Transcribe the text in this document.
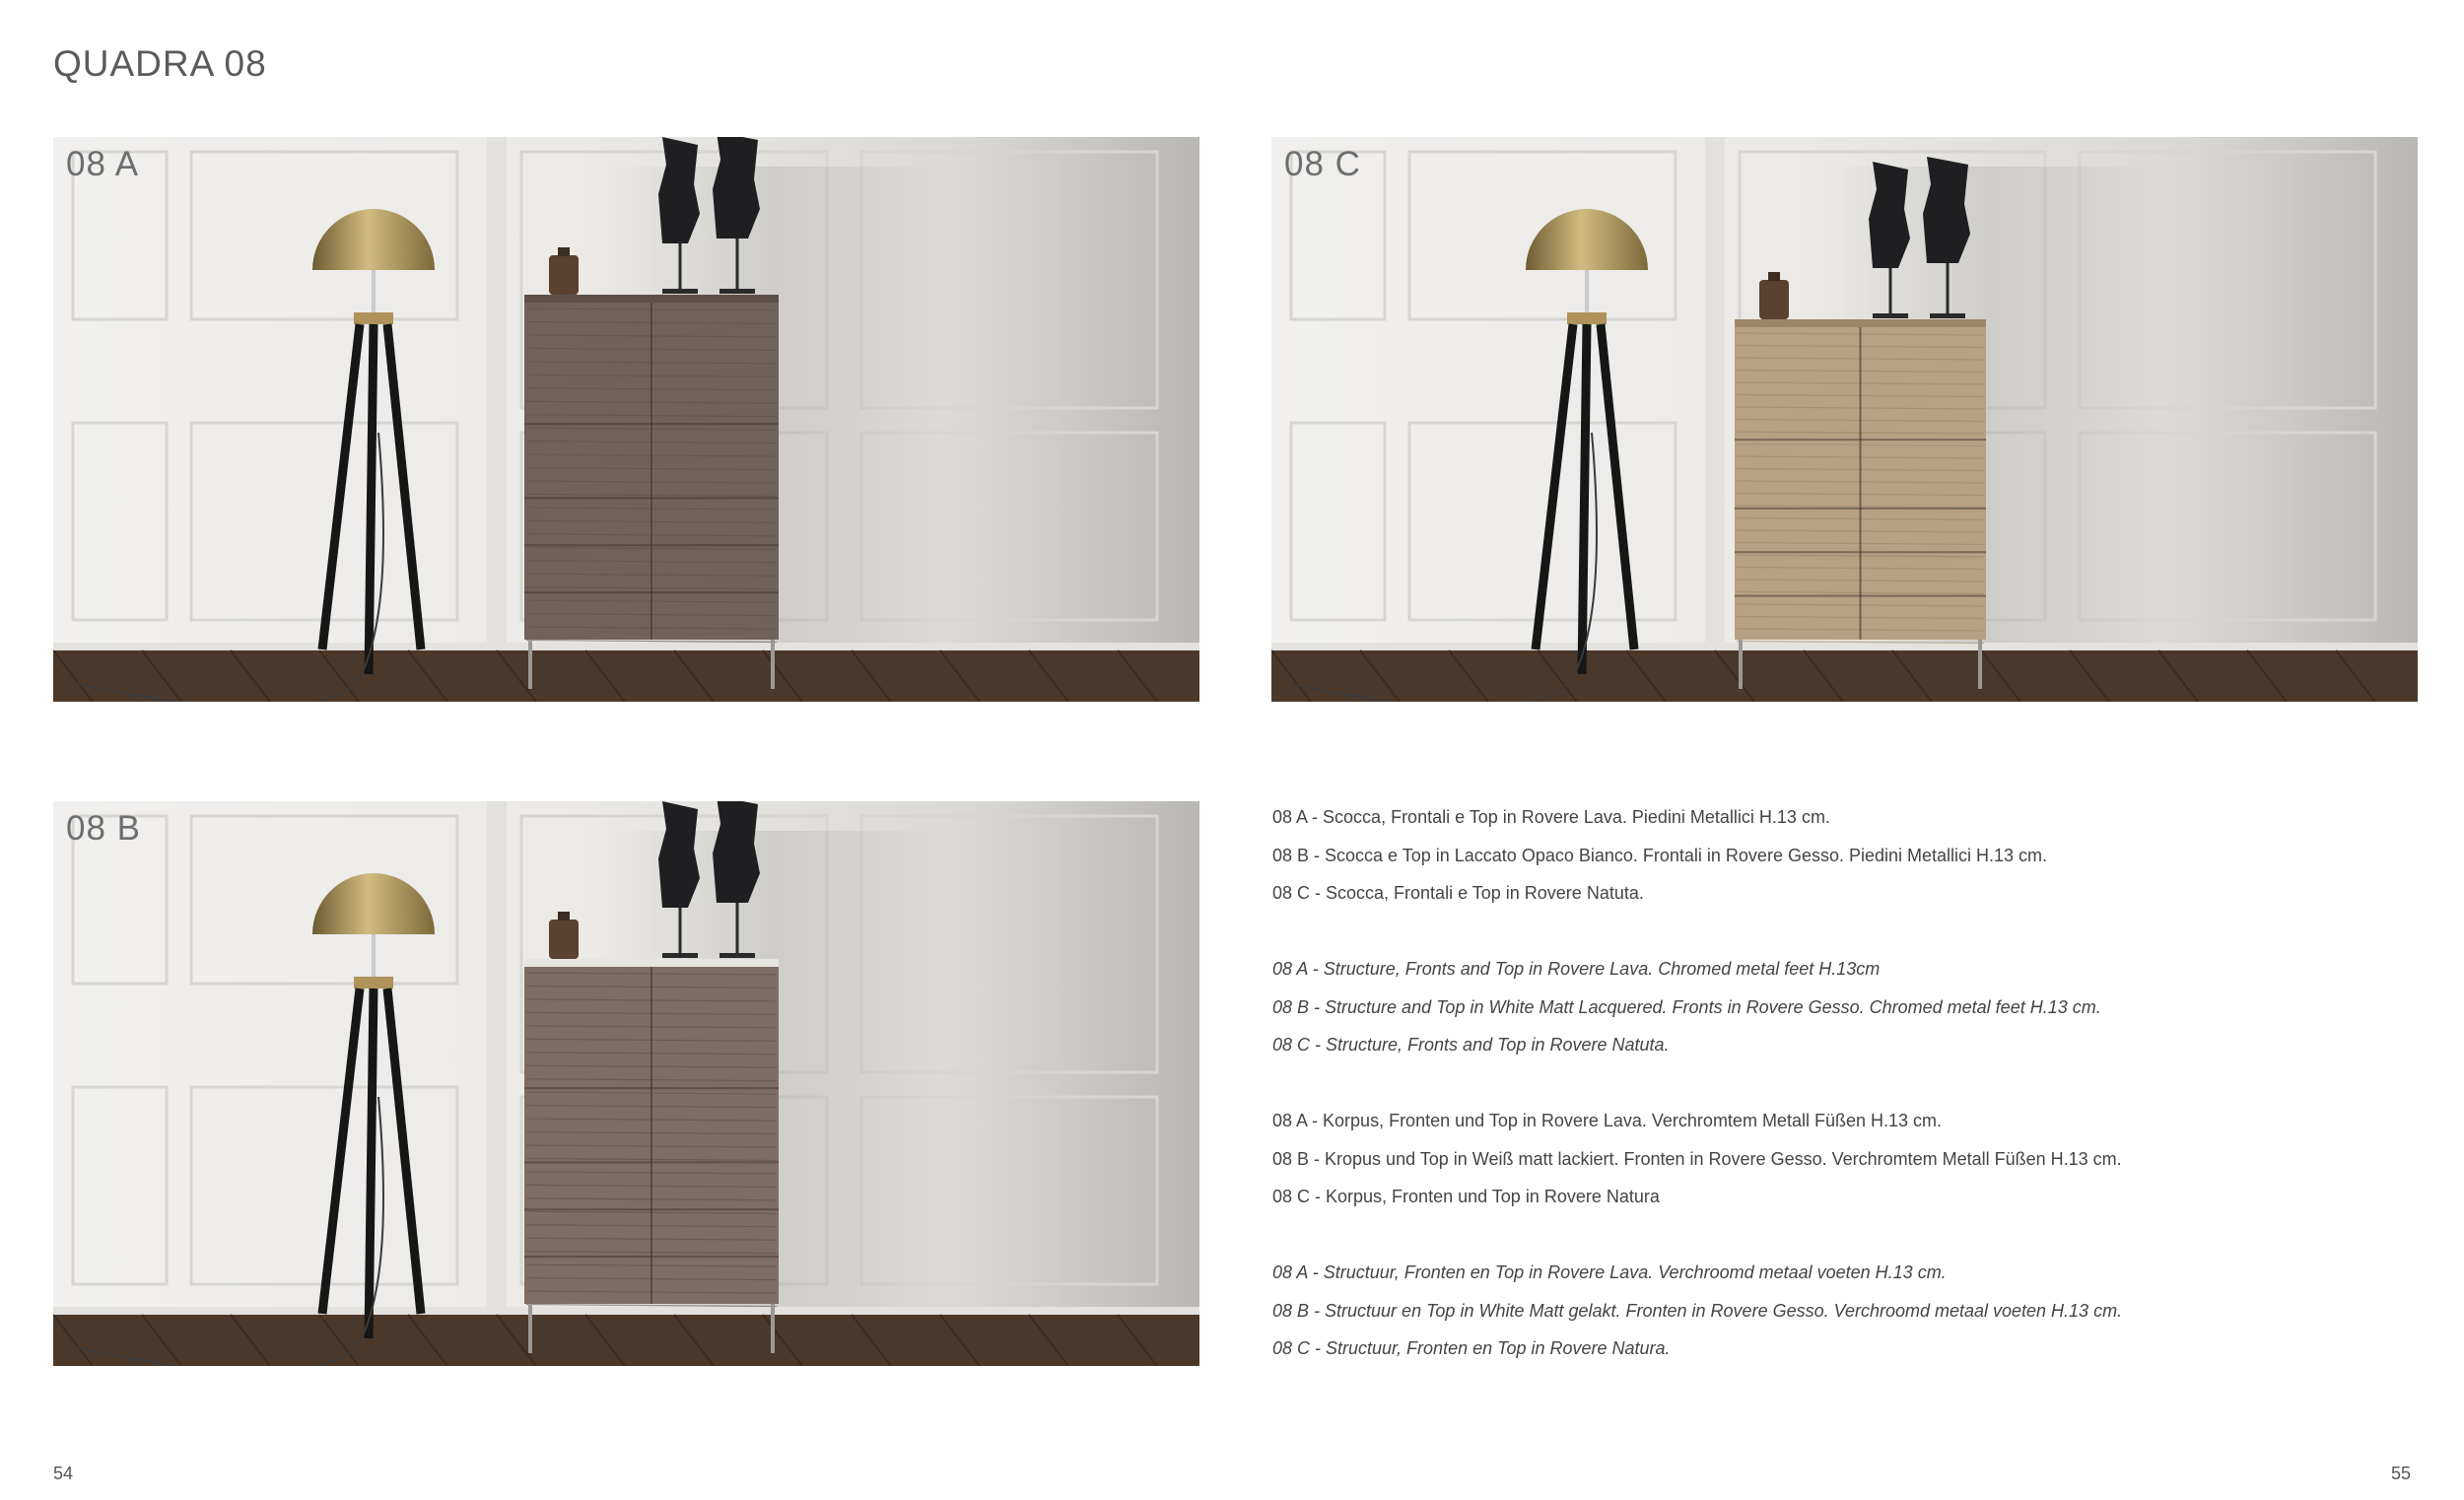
QUADRA 08
08 A	08 C
08 B	08 A - Scocca, Frontali e Top in Rovere Lava. Piedini Metallici H.13 cm.
08 B - Scocca e Top in Laccato Opaco Bianco. Frontali in Rovere Gesso. Piedini Metallici H.13 cm.
08 C - Scocca, Frontali e Top in Rovere Natuta.
08 A - Structure, Fronts and Top in Rovere Lava. Chromed metal feet H.13cm
08 B - Structure and Top in White Matt Lacquered. Fronts in Rovere Gesso. Chromed metal feet H.13 cm.
08 C - Structure, Fronts and Top in Rovere Natuta.
08 A - Korpus, Fronten und Top in Rovere Lava. Verchromtem Metall Füßen H.13 cm.
08 B - Kropus und Top in Weiß matt lackiert. Fronten in Rovere Gesso. Verchromtem Metall Füßen H.13 cm.
08 C - Korpus, Fronten und Top in Rovere Natura
08 A - Structuur, Fronten en Top in Rovere Lava. Verchroomd metaal voeten H.13 cm.
08 B - Structuur en Top in White Matt gelakt. Fronten in Rovere Gesso. Verchroomd metaal voeten H.13 cm.
08 C - Structuur, Fronten en Top in Rovere Natura.
54	55
